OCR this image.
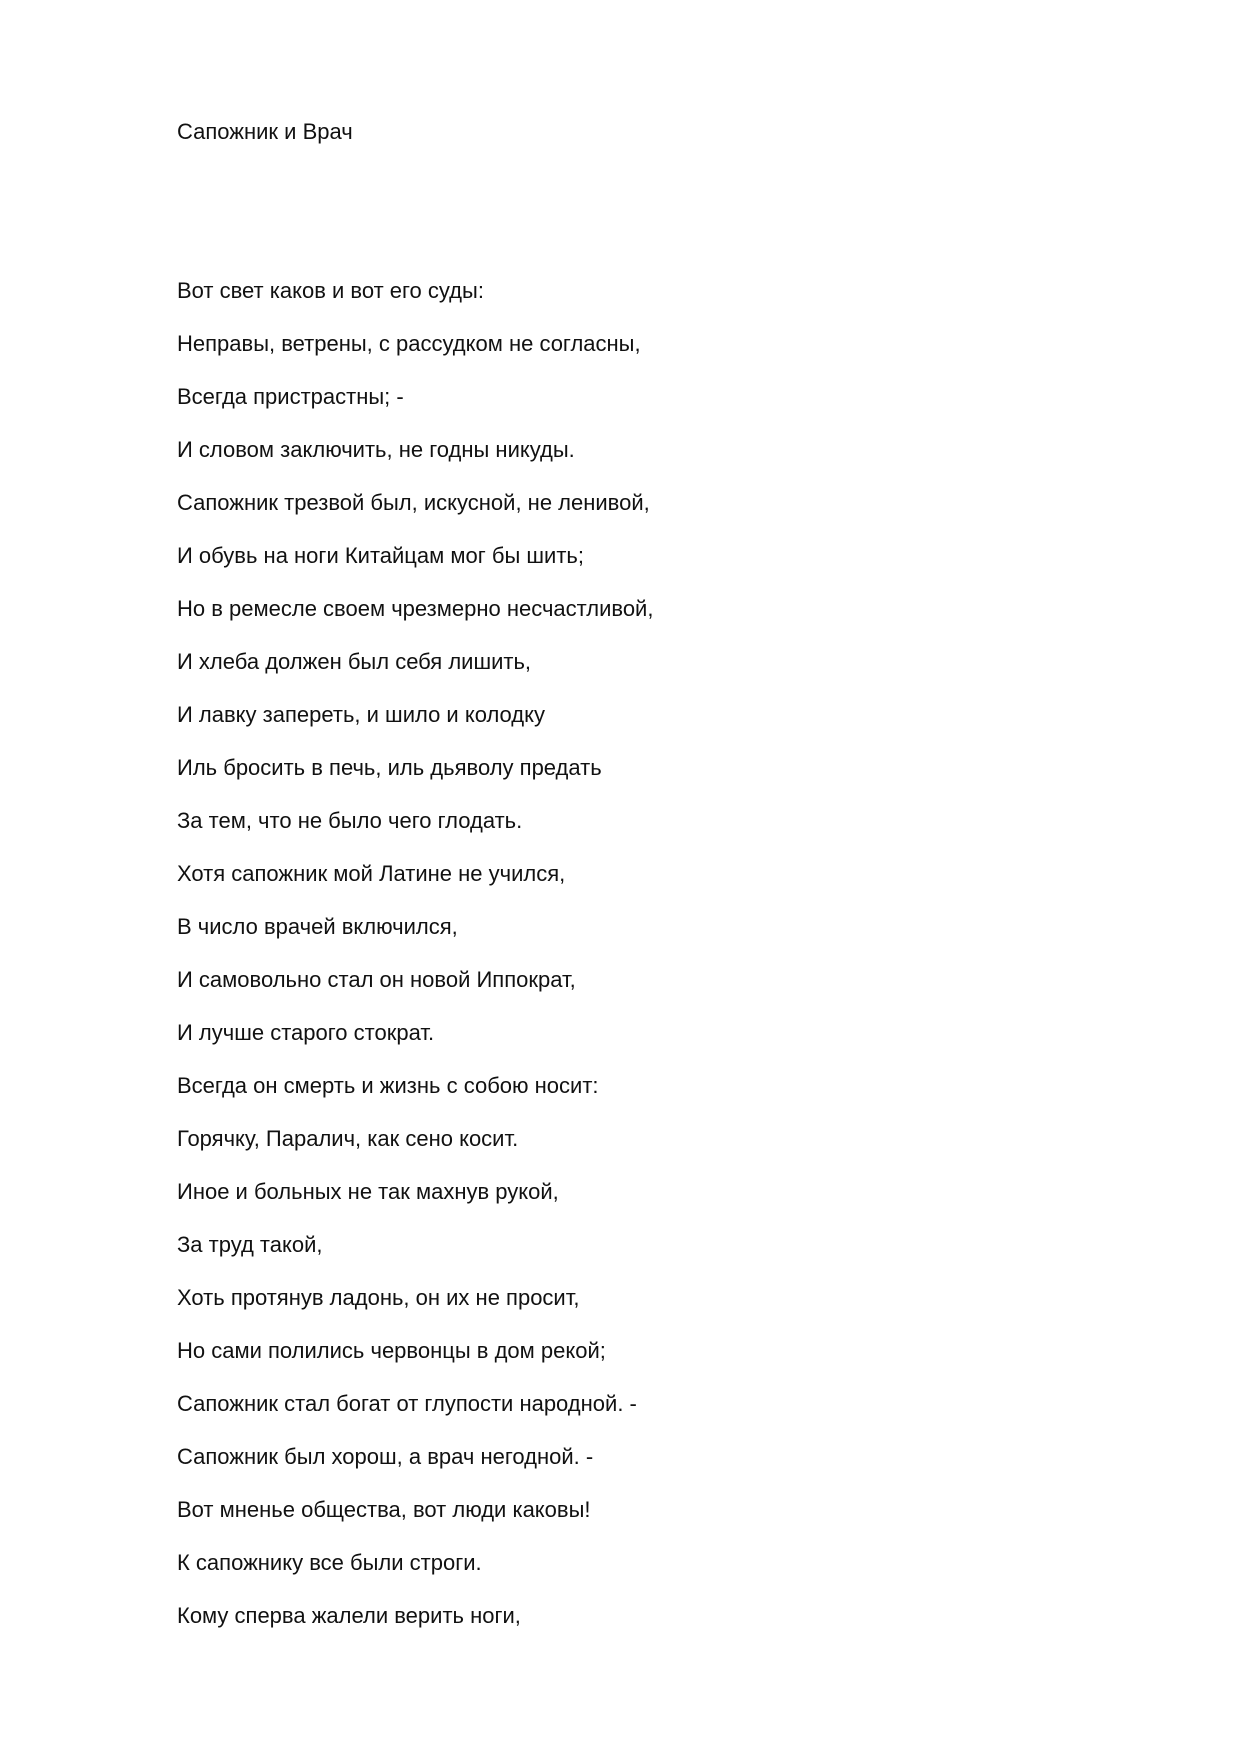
Сапожник и Врач
Вот свет каков и вот его суды:
Неправы, ветрены, с рассудком не согласны,
Всегда пристрастны; -
И словом заключить, не годны никуды.
Сапожник трезвой был, искусной, не ленивой,
И обувь на ноги Китайцам мог бы шить;
Но в ремесле своем чрезмерно несчастливой,
И хлеба должен был себя лишить,
И лавку запереть, и шило и колодку
Иль бросить в печь, иль дьяволу предать
За тем, что не было чего глодать.
Хотя сапожник мой Латине не учился,
В число врачей включился,
И самовольно стал он новой Иппократ,
И лучше старого стократ.
Всегда он смерть и жизнь с собою носит:
Горячку, Паралич, как сено косит.
Иное и больных не так махнув рукой,
За труд такой,
Хоть протянув ладонь, он их не просит,
Но сами полились червонцы в дом рекой;
Сапожник стал богат от глупости народной. -
Сапожник был хорош, а врач негодной. -
Вот мненье общества, вот люди каковы!
К сапожнику все были строги.
Кому сперва жалели верить ноги,
